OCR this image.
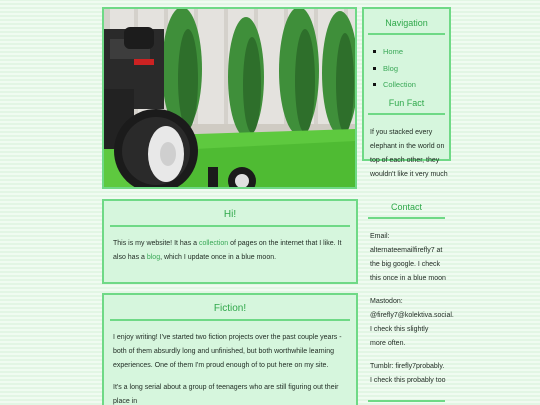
Hi!
This is my website! It has a collection of pages on the internet that I like. It also has a blog, which I update once in a blue moon.
Fiction!

I enjoy writing! I've started two fiction projects over the past couple years - both of them absurdly long and unfinished, but both worthwhile learning experiences. One of them I'm proud enough of to put here on my site.

It's a long serial about a group of teenagers who are still figuring out their place in

Navigation
Home
Blog
Collection
Fun Fact
If you stacked every elephant in the world on top of each other, they wouldn't like it very much
Contact

Email: alternateemailfirefly7 at the big google. I check this once in a blue moon

Mastodon: @firefly7@kolektiva.social. I check this slightly more often.

Tumblr: firefly7probably. I check this probably too
